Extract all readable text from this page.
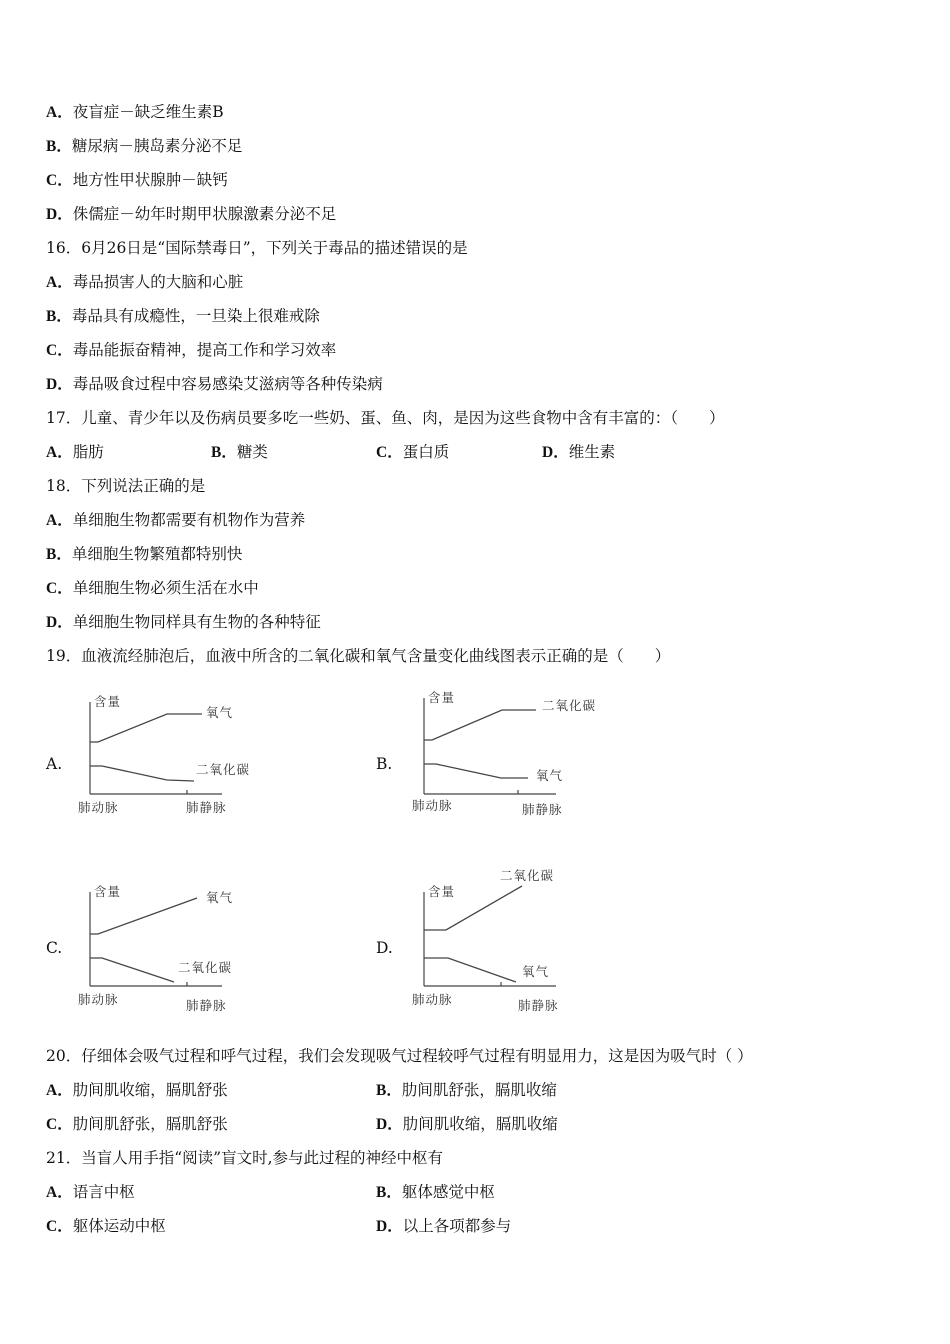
A．夜盲症－缺乏维生素B
B．糖尿病－胰岛素分泌不足
C．地方性甲状腺肿－缺钙
D．侏儒症－幼年时期甲状腺激素分泌不足
16．6月26日是“国际禁毒日”，下列关于毒品的描述错误的是
A．毒品损害人的大脑和心脏
B．毒品具有成瘾性，一旦染上很难戒除
C．毒品能振奋精神，提高工作和学习效率
D．毒品吸食过程中容易感染艾滋病等各种传染病
17．儿童、青少年以及伤病员要多吃一些奶、蛋、鱼、肉，是因为这些食物中含有丰富的：（　　）
A．脂肪	B．糖类	C．蛋白质	D．维生素
18．下列说法正确的是
A．单细胞生物都需要有机物作为营养
B．单细胞生物繁殖都特别快
C．单细胞生物必须生活在水中
D．单细胞生物同样具有生物的各种特征
19．血液流经肺泡后，血液中所含的二氧化碳和氧气含量变化曲线图表示正确的是（　　）
A.
含量
氧气
二氧化碳
肺动脉	肺静脉
B.
含量
二氧化碳
氧气
肺动脉	肺静脉
C.
含量	氧气
二氧化碳
肺动脉	肺静脉
D.
含量
二氧化碳
氧气
肺动脉	肺静脉
20．仔细体会吸气过程和呼气过程，我们会发现吸气过程较呼气过程有明显用力，这是因为吸气时（ ）
A．肋间肌收缩，膈肌舒张	B．肋间肌舒张，膈肌收缩
C．肋间肌舒张，膈肌舒张	D．肋间肌收缩，膈肌收缩
21．当盲人用手指“阅读”盲文时,参与此过程的神经中枢有
A．语言中枢	B．躯体感觉中枢
C．躯体运动中枢	D．以上各项都参与
